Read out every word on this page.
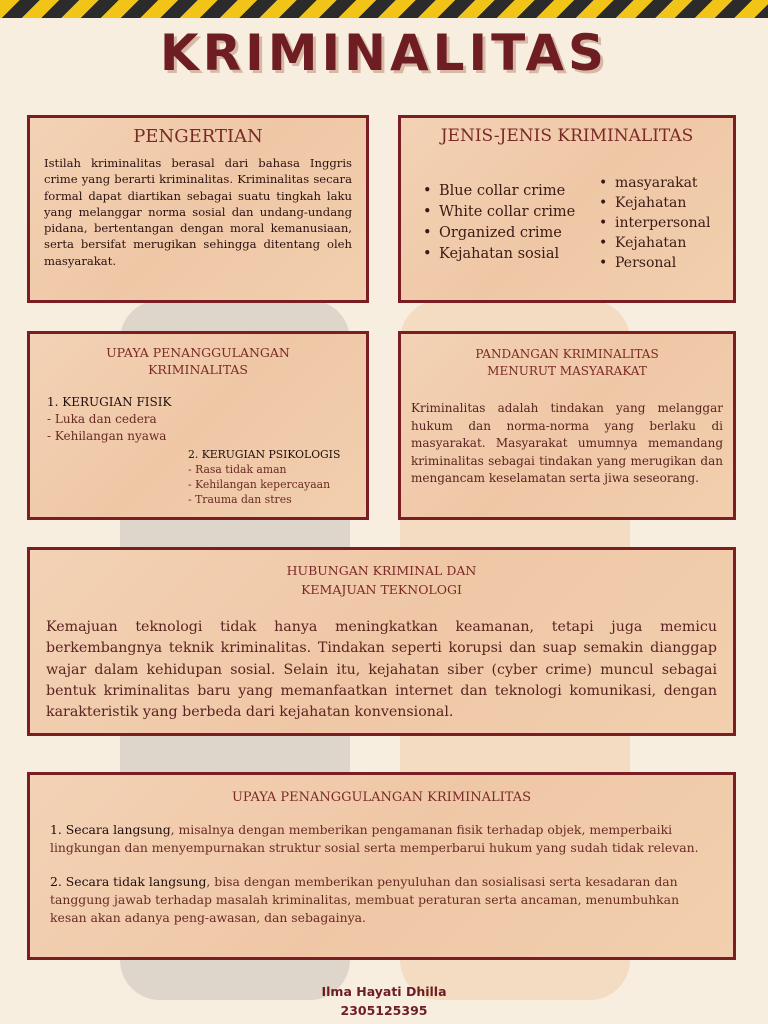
KRIMINALITAS
PENGERTIAN

Istilah kriminalitas berasal dari bahasa Inggris crime yang berarti kriminalitas. Kriminalitas secara formal dapat diartikan sebagai suatu tingkah laku yang melanggar norma sosial dan undang-undang pidana, bertentangan dengan moral kemanusiaan, serta bersifat merugikan sehingga ditentang oleh masyarakat.

JENIS-JENIS KRIMINALITAS
• Blue collar crime
• White collar crime
• Organized crime
• Kejahatan sosial
• masyarakat
• Kejahatan
• interpersonal
• Kejahatan
• Personal
UPAYA PENANGGULANGAN
KRIMINALITAS
1. KERUGIAN FISIK
- Luka dan cedera
- Kehilangan nyawa
2. KERUGIAN PSIKOLOGIS
- Rasa tidak aman
- Kehilangan kepercayaan
- Trauma dan stres
PANDANGAN KRIMINALITAS
MENURUT MASYARAKAT

Kriminalitas adalah tindakan yang melanggar hukum dan norma-norma yang berlaku di masyarakat. Masyarakat umumnya memandang kriminalitas sebagai tindakan yang merugikan dan mengancam keselamatan serta jiwa seseorang.

HUBUNGAN KRIMINAL DAN
KEMAJUAN TEKNOLOGI

Kemajuan teknologi tidak hanya meningkatkan keamanan, tetapi juga memicu berkembangnya teknik kriminalitas. Tindakan seperti korupsi dan suap semakin dianggap wajar dalam kehidupan sosial. Selain itu, kejahatan siber (cyber crime) muncul sebagai bentuk kriminalitas baru yang memanfaatkan internet dan teknologi komunikasi, dengan karakteristik yang berbeda dari kejahatan konvensional.

UPAYA PENANGGULANGAN KRIMINALITAS

1. Secara langsung, misalnya dengan memberikan pengamanan fisik terhadap objek, memperbaiki lingkungan dan menyempurnakan struktur sosial serta memperbarui hukum yang sudah tidak relevan.

2. Secara tidak langsung, bisa dengan memberikan penyuluhan dan sosialisasi serta kesadaran dan tanggung jawab terhadap masalah kriminalitas, membuat peraturan serta ancaman, menumbuhkan kesan akan adanya peng-awasan, dan sebagainya.

Ilma Hayati Dhilla
2305125395
